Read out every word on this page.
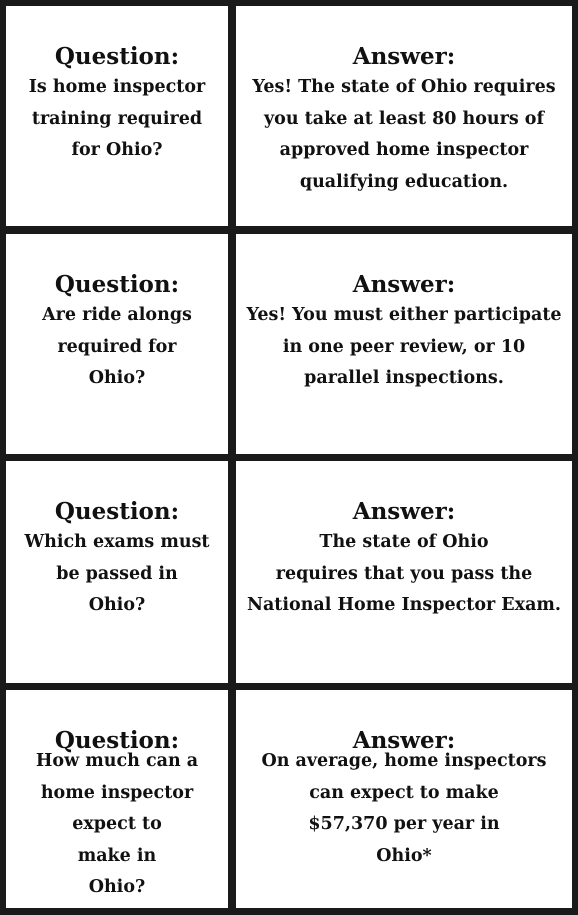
Question:

Is home inspector
training required
for Ohio?

Answer:

Yes! The state of Ohio requires
you take at least 80 hours of
approved home inspector
qualifying education.

Question:

Are ride alongs
required for
Ohio?

Answer:

Yes! You must either participate
in one peer review, or 10
parallel inspections.

Question:

Which exams must
be passed in
Ohio?

Answer:

The state of Ohio
requires that you pass the
National Home Inspector Exam.

Question:

How much can a
home inspector
expect to
make in
Ohio?

Answer:

On average, home inspectors
can expect to make
$57,370 per year in
Ohio*
